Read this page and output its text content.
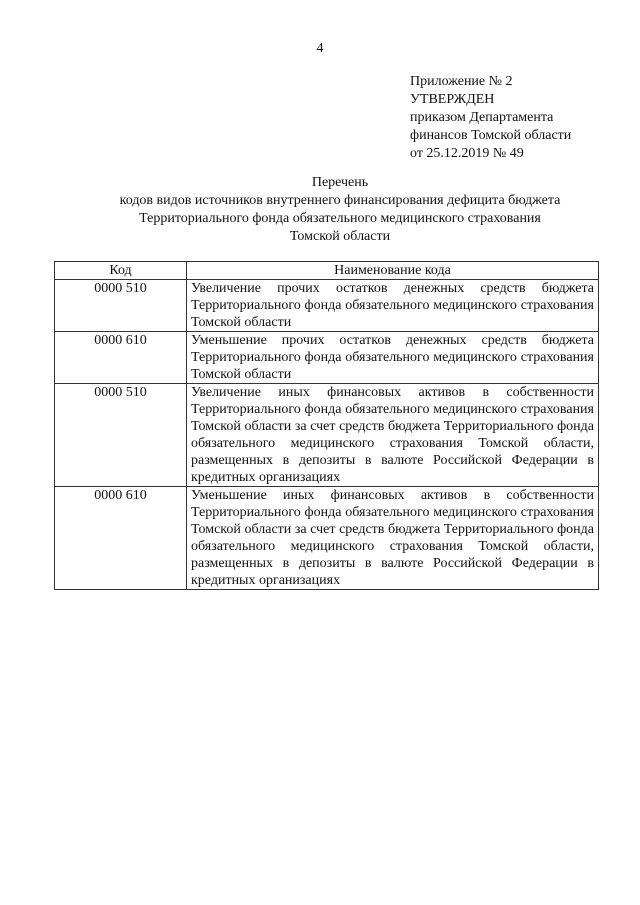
4
Приложение № 2
УТВЕРЖДЕН
приказом Департамента
финансов Томской области
от 25.12.2019 № 49
Перечень
кодов видов источников внутреннего финансирования дефицита бюджета
Территориального фонда обязательного медицинского страхования
Томской области
Код	Наименование кода
0000 510	Увеличение прочих остатков денежных средств бюджета Территориального фонда обязательного медицинского страхования Томской области
0000 610	Уменьшение прочих остатков денежных средств бюджета Территориального фонда обязательного медицинского страхования Томской области
0000 510	Увеличение иных финансовых активов в собственности Территориального фонда обязательного медицинского страхования Томской области за счет средств бюджета Территориального фонда обязательного медицинского страхования Томской области, размещенных в депозиты в валюте Российской Федерации в кредитных организациях
0000 610	Уменьшение иных финансовых активов в собственности Территориального фонда обязательного медицинского страхования Томской области за счет средств бюджета Территориального фонда обязательного медицинского страхования Томской области, размещенных в депозиты в валюте Российской Федерации в кредитных организациях
